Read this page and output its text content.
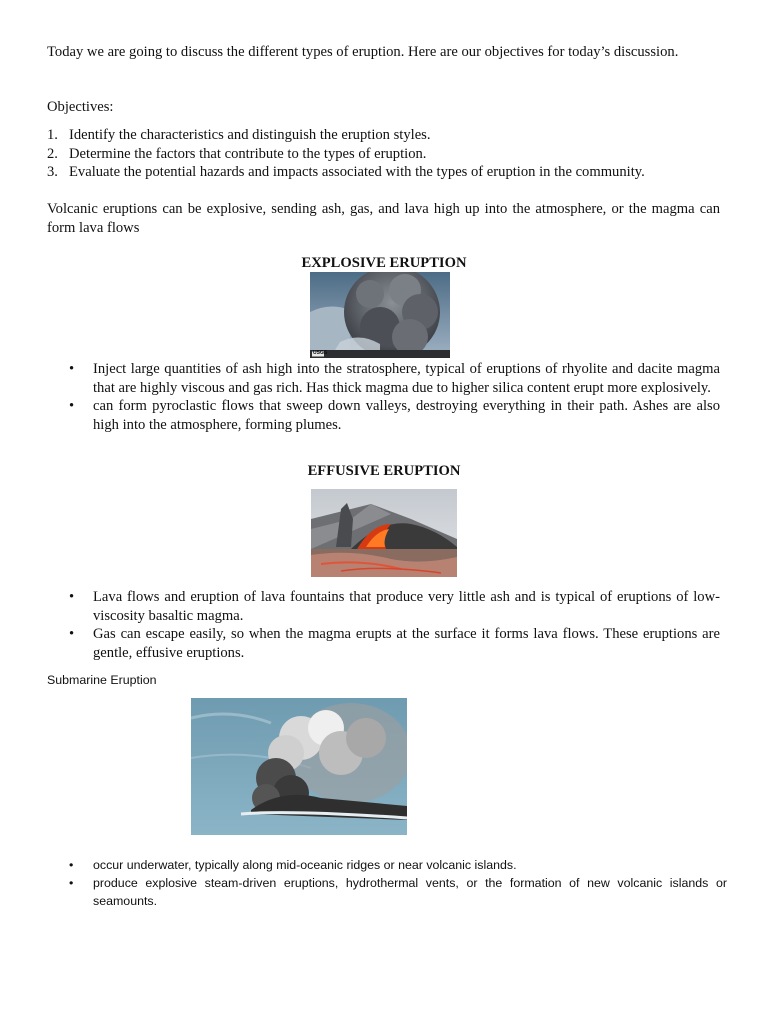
Today we are going to discuss the different types of eruption. Here are our objectives for today’s discussion.
Objectives:
1. Identify the characteristics and distinguish the eruption styles.
2. Determine the factors that contribute to the types of eruption.
3. Evaluate the potential hazards and impacts associated with the types of eruption in the community.
Volcanic eruptions can be explosive, sending ash, gas, and lava high up into the atmosphere, or the magma can form lava flows
EXPLOSIVE ERUPTION
USGS
• Inject large quantities of ash high into the stratosphere, typical of eruptions of rhyolite and dacite magma that are highly viscous and gas rich. Has thick magma due to higher silica content erupt more explosively.
• can form pyroclastic flows that sweep down valleys, destroying everything in their path. Ashes are also high into the atmosphere, forming plumes.
EFFUSIVE ERUPTION
• Lava flows and eruption of lava fountains that produce very little ash and is typical of eruptions of low-viscosity basaltic magma.
• Gas can escape easily, so when the magma erupts at the surface it forms lava flows. These eruptions are gentle, effusive eruptions.
Submarine Eruption
• occur underwater, typically along mid-oceanic ridges or near volcanic islands.
• produce explosive steam-driven eruptions, hydrothermal vents, or the formation of new volcanic islands or seamounts.
